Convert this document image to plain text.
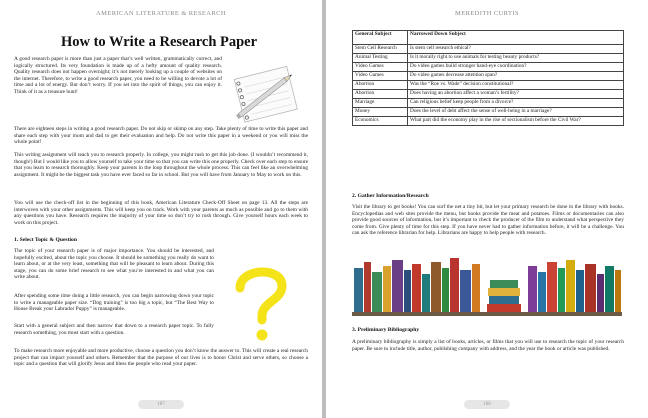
AMERICAN LITERATURE & RESEARCH
How to Write a Research Paper

A good research paper is more than just a paper that’s well written, grammatically correct, and logically structured. Its very foundation is made up of a hefty amount of quality research. Quality research does not happen overnight; it’s not merely looking up a couple of websites on the internet. Therefore, to write a good research paper, you need to be willing to devote a lot of time and a lot of energy. But don’t worry. If you set into the spirit of things, you can enjoy it. Think of it as a treasure hunt!

There are eighteen steps in writing a good research paper. Do not skip or skimp on any step. Take plenty of time to write this paper and share each step with your mom and dad to get their evaluation and help. Do not write this paper in a weekend or you will miss the whole point!

This writing assignment will teach you to research properly. In college, you might rush to get this job done. (I wouldn’t recommend it, though!) But I would like you to allow yourself to take your time so that you can write this one properly. Check over each step to ensure that you learn to research thoroughly. Keep your parents in the loop throughout the whole process. This can feel like an overwhelming assignment. It might be the biggest task you have ever faced so far in school. But you will have from January to May to work on this.

You will use the check-off list in the beginning of this book, American Literature Check-Off Sheet on page 13. All the steps are interwoven with your other assignments. This will keep you on track. Work with your parents as much as possible and go to them with any questions you have. Research requires the majority of your time so don’t try to rush through. Give yourself hours each week to work on this project.

1. Select Topic & Question

The topic of your research paper is of major importance. You should be interested, and hopefully excited, about the topic you choose. It should be something you really do want to learn about, or at the very least, something that will be pleasant to learn about. During this stage, you can do some brief research to see what you’re interested in and what you can write about.

After spending some time doing a little research, you can begin narrowing down your topic to write a manageable paper size. “Dog training” is too big a topic, but “The Best Way to House Break your Labrador Puppy” is manageable.

Start with a general subject and then narrow that down to a research paper topic. To fully research something, you must start with a question.

To make research more enjoyable and more productive, choose a question you don’t know the answer to. This will create a real research project that can impact yourself and others. Remember that the purpose of our lives is to honor Christ and serve others, so choose a topic and a question that will glorify Jesus and bless the people who read your paper.

187
MEREDITH CURTIS
General Subject	Narrowed Down Subject
Stem Cell Research	Is stem cell research ethical?
Animal Testing	Is it morally right to use animals for testing beauty products?
Video Games	Do video games build stronger hand-eye coordination?
Video Games	Do video games decrease attention span?
Abortion	Was the “Roe vs. Wade” decision constitutional?
Abortion	Does having an abortion affect a woman’s fertility?
Marriage	Can religious belief keep people from a divorce?
Money	Does the level of debt affect the sense of well-being in a marriage?
Economics	What part did the economy play in the rise of sectionalism before the Civil War?

2. Gather Information/Research

Visit the library to get books! You can surf the net a tiny bit, but let your primary research be done in the library with books. Encyclopedias and web sites provide the menu, but books provide the meat and potatoes. Films or documentaries can also provide good sources of information, but it’s important to check the producer of the film to understand what perspective they come from. Give plenty of time for this step. If you have never had to gather information before, it will be a challenge. You can ask the reference librarian for help. Librarians are happy to help people with research.

3. Preliminary Bibliography

A preliminary bibliography is simply a list of books, articles, or films that you will use to research the topic of your research paper. Be sure to include title, author, publishing company with address, and the year the book or article was published.

188
